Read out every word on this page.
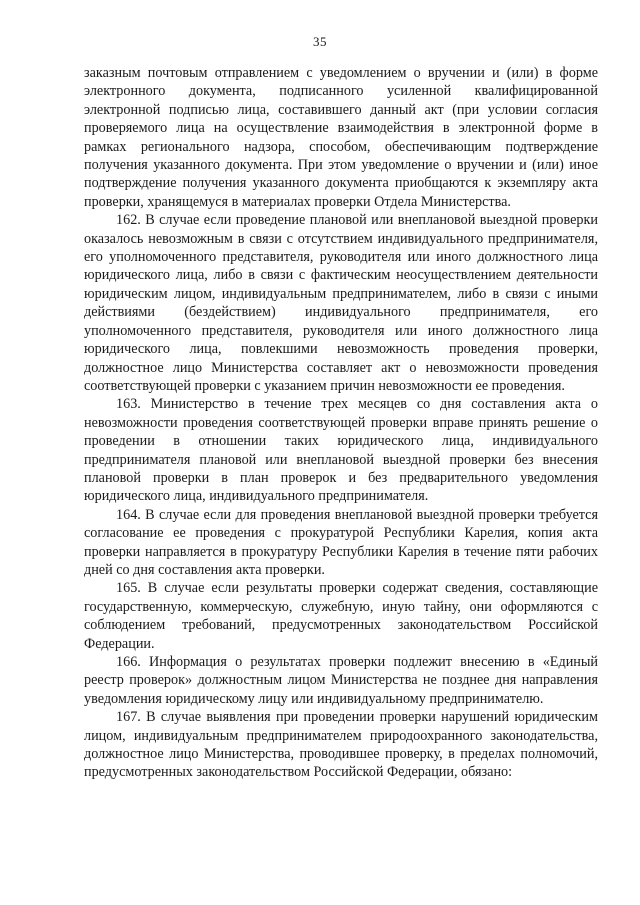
35

заказным почтовым отправлением с уведомлением о вручении и (или) в форме электронного документа, подписанного усиленной квалифицированной электронной подписью лица, составившего данный акт (при условии согласия проверяемого лица на осуществление взаимодействия в электронной форме в рамках регионального надзора, способом, обеспечивающим подтверждение получения указанного документа. При этом уведомление о вручении и (или) иное подтверждение получения указанного документа приобщаются к экземпляру акта проверки, хранящемуся в материалах проверки Отдела Министерства.

162. В случае если проведение плановой или внеплановой выездной проверки оказалось невозможным в связи с отсутствием индивидуального предпринимателя, его уполномоченного представителя, руководителя или иного должностного лица юридического лица, либо в связи с фактическим неосуществлением деятельности юридическим лицом, индивидуальным предпринимателем, либо в связи с иными действиями (бездействием) индивидуального предпринимателя, его уполномоченного представителя, руководителя или иного должностного лица юридического лица, повлекшими невозможность проведения проверки, должностное лицо Министерства составляет акт о невозможности проведения соответствующей проверки с указанием причин невозможности ее проведения.

163. Министерство в течение трех месяцев со дня составления акта о невозможности проведения соответствующей проверки вправе принять решение о проведении в отношении таких юридического лица, индивидуального предпринимателя плановой или внеплановой выездной проверки без внесения плановой проверки в план проверок и без предварительного уведомления юридического лица, индивидуального предпринимателя.

164. В случае если для проведения внеплановой выездной проверки требуется согласование ее проведения с прокуратурой Республики Карелия, копия акта проверки направляется в прокуратуру Республики Карелия в течение пяти рабочих дней со дня составления акта проверки.

165. В случае если результаты проверки содержат сведения, составляющие государственную, коммерческую, служебную, иную тайну, они оформляются с соблюдением требований, предусмотренных законодательством Российской Федерации.

166. Информация о результатах проверки подлежит внесению в «Единый реестр проверок» должностным лицом Министерства не позднее дня направления уведомления юридическому лицу или индивидуальному предпринимателю.

167. В случае выявления при проведении проверки нарушений юридическим лицом, индивидуальным предпринимателем природоохранного законодательства, должностное лицо Министерства, проводившее проверку, в пределах полномочий, предусмотренных законодательством Российской Федерации, обязано:
